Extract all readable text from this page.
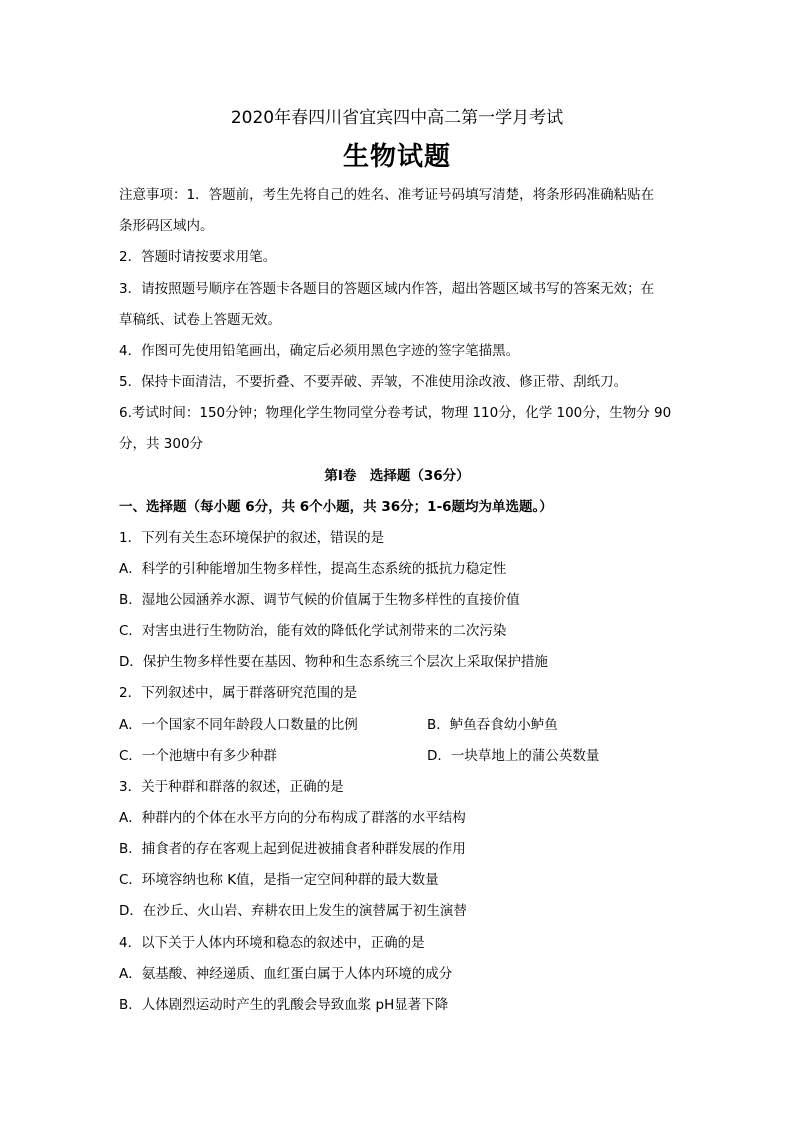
2020年春四川省宜宾四中高二第一学月考试
生物试题
注意事项：1．答题前，考生先将自己的姓名、准考证号码填写清楚，将条形码准确粘贴在
条形码区域内。
2．答题时请按要求用笔。
3．请按照题号顺序在答题卡各题目的答题区域内作答，超出答题区域书写的答案无效；在
草稿纸、试卷上答题无效。
4．作图可先使用铅笔画出，确定后必须用黑色字迹的签字笔描黑。
5．保持卡面清洁，不要折叠、不要弄破、弄皱，不准使用涂改液、修正带、刮纸刀。
6.考试时间：150分钟；物理化学生物同堂分卷考试，物理 110分，化学 100分，生物分 90
分，共 300分
第Ⅰ卷　选择题（36分）
一、选择题（每小题 6分，共 6个小题，共 36分；1-6题均为单选题。）
1．下列有关生态环境保护的叙述，错误的是
A．科学的引种能增加生物多样性，提高生态系统的抵抗力稳定性
B．湿地公园涵养水源、调节气候的价值属于生物多样性的直接价值
C．对害虫进行生物防治，能有效的降低化学试剂带来的二次污染
D．保护生物多样性要在基因、物种和生态系统三个层次上采取保护措施
2．下列叙述中，属于群落研究范围的是
A．一个国家不同年龄段人口数量的比例	B．鲈鱼吞食幼小鲈鱼
C．一个池塘中有多少种群	D．一块草地上的蒲公英数量
3．关于种群和群落的叙述，正确的是
A．种群内的个体在水平方向的分布构成了群落的水平结构
B．捕食者的存在客观上起到促进被捕食者种群发展的作用
C．环境容纳也称 K值，是指一定空间种群的最大数量
D．在沙丘、火山岩、弃耕农田上发生的演替属于初生演替
4．以下关于人体内环境和稳态的叙述中，正确的是
A．氨基酸、神经递质、血红蛋白属于人体内环境的成分
B．人体剧烈运动时产生的乳酸会导致血浆 pH显著下降
